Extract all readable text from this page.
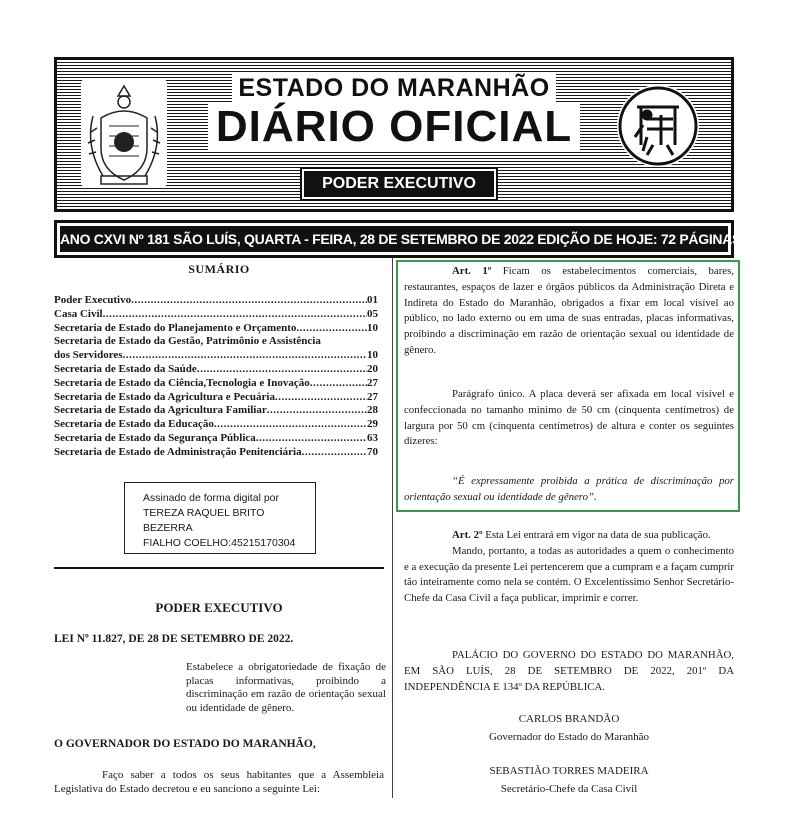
ESTADO DO MARANHÃO
DIÁRIO OFICIAL
PODER EXECUTIVO
ANO CXVI Nº 181 SÃO LUÍS, QUARTA - FEIRA, 28 DE SETEMBRO DE 2022 EDIÇÃO DE HOJE: 72 PÁGINAS
SUMÁRIO
Poder Executivo .....	01
Casa Civil .....	05
Secretaria de Estado do Planejamento e Orçamento .....	10
Secretaria de Estado da Gestão, Patrimônio e Assistência
dos Servidores .....	10
Secretaria de Estado da Saúde .....	20
Secretaria de Estado da Ciência,Tecnologia e Inovação .....	27
Secretaria de Estado da Agricultura e Pecuária .....	27
Secretaria de Estado da Agricultura Familiar .....	28
Secretaria de Estado da Educação .....	29
Secretaria de Estado da Segurança Pública .....	63
Secretaria de Estado de Administração Penitenciária .....	70
Assinado de forma digital por
TEREZA RAQUEL BRITO BEZERRA
FIALHO COELHO:45215170304
PODER EXECUTIVO
LEI Nº 11.827, DE 28 DE SETEMBRO DE 2022.
Estabelece a obrigatoriedade de fixação de placas informativas, proibindo a discriminação em razão de orientação sexual ou identidade de gênero.
O GOVERNADOR DO ESTADO DO MARANHÃO,
Faço saber a todos os seus habitantes que a Assembleia Legislativa do Estado decretou e eu sanciono a seguinte Lei:
Art. 1º Ficam os estabelecimentos comerciais, bares, restaurantes, espaços de lazer e órgãos públicos da Administração Direta e Indireta do Estado do Maranhão, obrigados a fixar em local visível ao público, no lado externo ou em uma de suas entradas, placas informativas, proibindo a discriminação em razão de orientação sexual ou identidade de gênero.
Parágrafo único. A placa deverá ser afixada em local visível e confeccionada no tamanho mínimo de 50 cm (cinquenta centímetros) de largura por 50 cm (cinquenta centímetros) de altura e conter os seguintes dizeres:
“É expressamente proibida a prática de discriminação por orientação sexual ou identidade de gênero”.
Art. 2º Esta Lei entrará em vigor na data de sua publicação.
Mando, portanto, a todas as autoridades a quem o conhecimento e a execução da presente Lei pertencerem que a cumpram e a façam cumprir tão inteiramente como nela se contém. O Excelentíssimo Senhor Secretário-Chefe da Casa Civil a faça publicar, imprimir e correr.
PALÁCIO DO GOVERNO DO ESTADO DO MARANHÃO, EM SÃO LUÍS, 28 DE SETEMBRO DE 2022, 201º DA INDEPENDÊNCIA E 134º DA REPÚBLICA.
CARLOS BRANDÃO
Governador do Estado do Maranhão
SEBASTIÃO TORRES MADEIRA
Secretário-Chefe da Casa Civil
